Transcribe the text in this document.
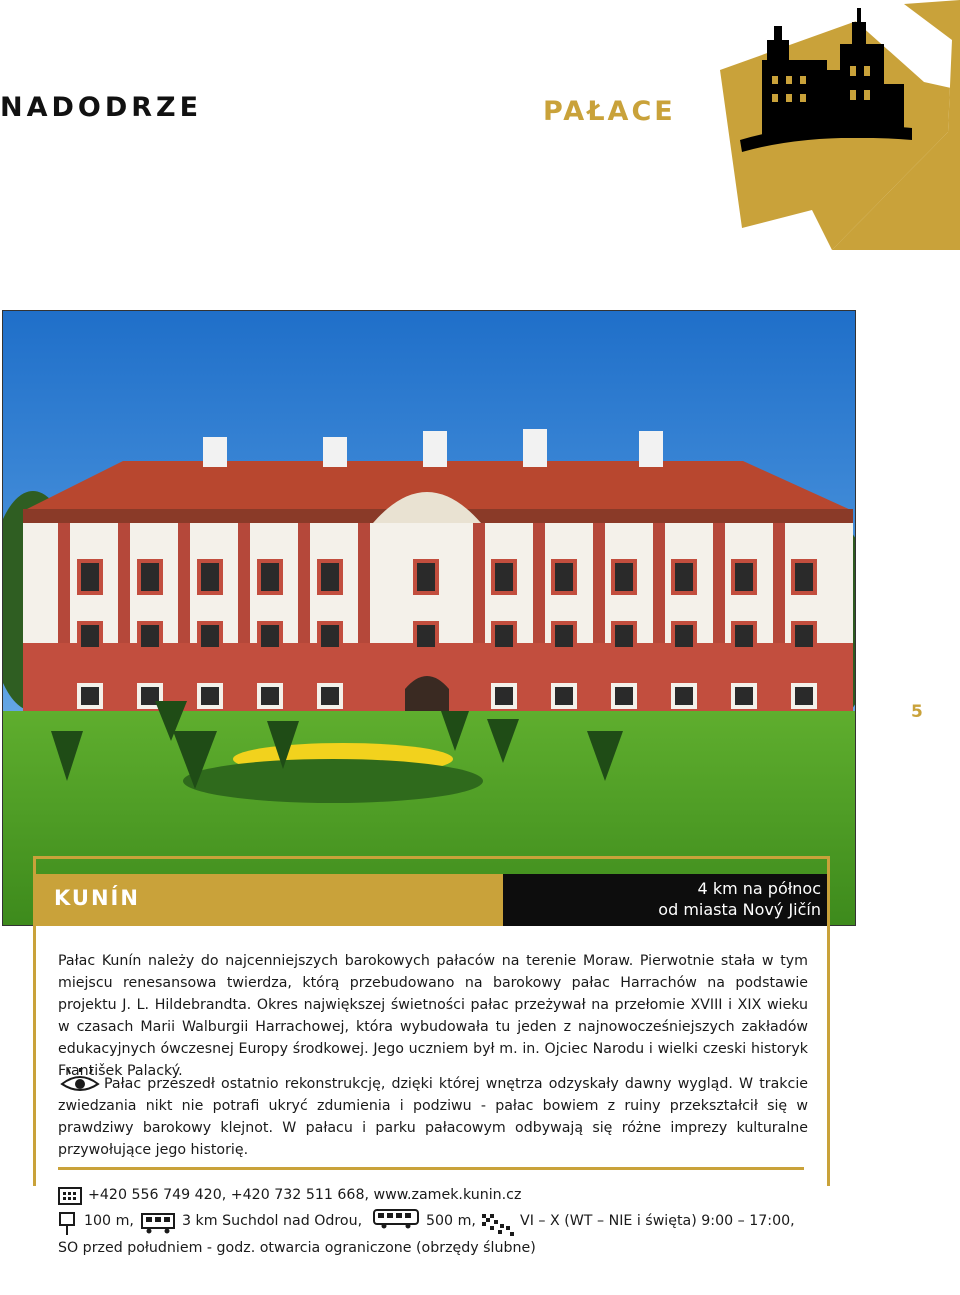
NADODRZE	PAŁACE
5
KUNÍN	4 km na północ
od miasta Nový Jičín
Pałac Kunín należy do najcenniejszych barokowych pałaców na terenie Moraw. Pierwotnie stała w tym miejscu renesansowa twierdza, którą przebudowano na barokowy pałac Harrachów na podstawie projektu J. L. Hildebrandta. Okres największej świetności pałac przeżywał na przełomie XVIII i XIX wieku w czasach Marii Walburgii Harrachowej, która wybudowała tu jeden z najnowocześniejszych zakładów edukacyjnych ówczesnej Europy środkowej. Jego uczniem był m. in. Ojciec Narodu i wielki czeski historyk František Palacký.
Pałac przeszedł ostatnio rekonstrukcję, dzięki której wnętrza odzyskały dawny wygląd. W trakcie zwiedzania nikt nie potrafi ukryć zdumienia i podziwu - pałac bowiem z ruiny przekształcił się w prawdziwy barokowy klejnot. W pałacu i parku pałacowym odbywają się różne imprezy kulturalne przywołujące jego historię.
+420 556 749 420, +420 732 511 668, www.zamek.kunin.cz
100 m,	3 km Suchdol nad Odrou,	500 m,	VI – X (WT – NIE i święta) 9:00 – 17:00,
SO przed południem - godz. otwarcia ograniczone (obrzędy ślubne)
